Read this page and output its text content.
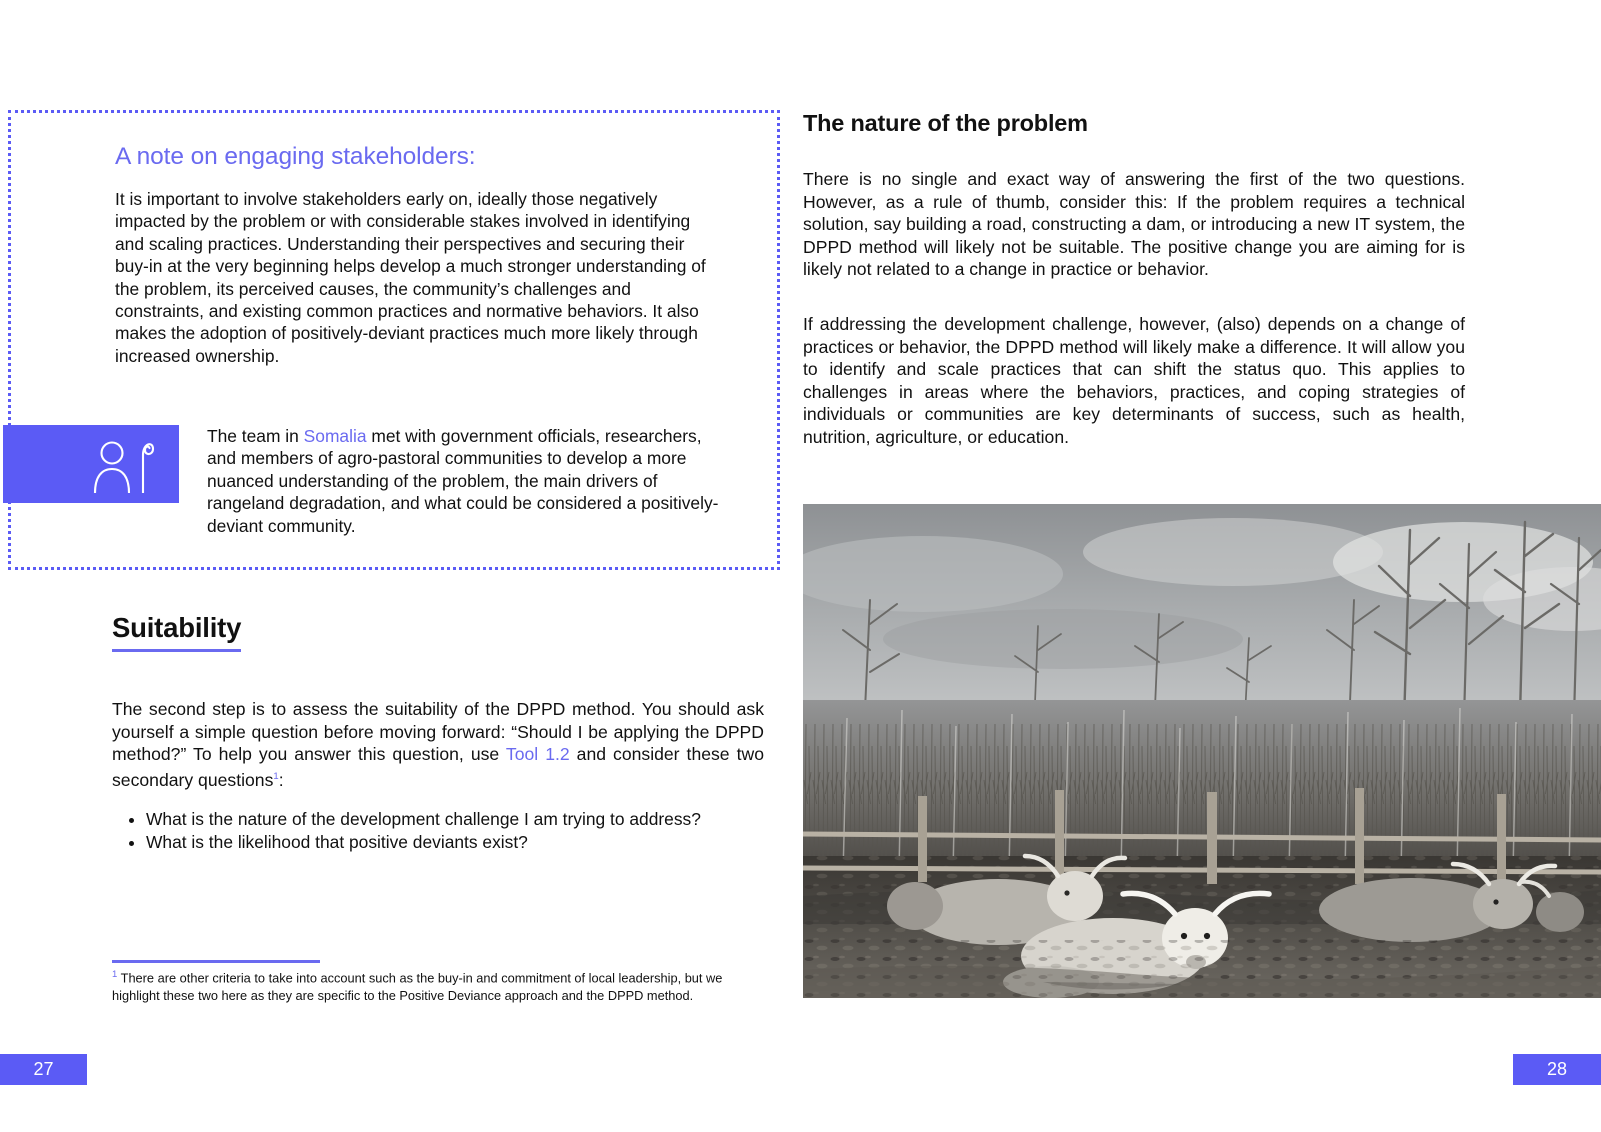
A note on engaging stakeholders:
It is important to involve stakeholders early on, ideally those negatively impacted by the problem or with considerable stakes involved in identifying and scaling practices. Understanding their perspectives and securing their buy-in at the very beginning helps develop a much stronger understanding of the problem, its perceived causes, the community’s challenges and constraints, and existing common practices and normative behaviors. It also makes the adoption of positively-deviant practices much more likely through increased ownership.
The team in Somalia met with government officials, researchers, and members of agro-pastoral communities to develop a more nuanced understanding of the problem, the main drivers of rangeland degradation, and what could be considered a positively-deviant community.
Suitability
The second step is to assess the suitability of the DPPD method. You should ask yourself a simple question before moving forward: “Should I be applying the DPPD method?” To help you answer this question, use Tool 1.2 and consider these two secondary questions$^1$:
• What is the nature of the development challenge I am trying to address?
• What is the likelihood that positive deviants exist?
$^1$ There are other criteria to take into account such as the buy-in and commitment of local leadership, but we highlight these two here as they are specific to the Positive Deviance approach and the DPPD method.
27
The nature of the problem
There is no single and exact way of answering the first of the two questions. However, as a rule of thumb, consider this: If the problem requires a technical solution, say building a road, constructing a dam, or introducing a new IT system, the DPPD method will likely not be suitable. The positive change you are aiming for is likely not related to a change in practice or behavior.
If addressing the development challenge, however, (also) depends on a change of practices or behavior, the DPPD method will likely make a difference. It will allow you to identify and scale practices that can shift the status quo. This applies to challenges in areas where the behaviors, practices, and coping strategies of individuals or communities are key determinants of success, such as health, nutrition, agriculture, or education.
28
